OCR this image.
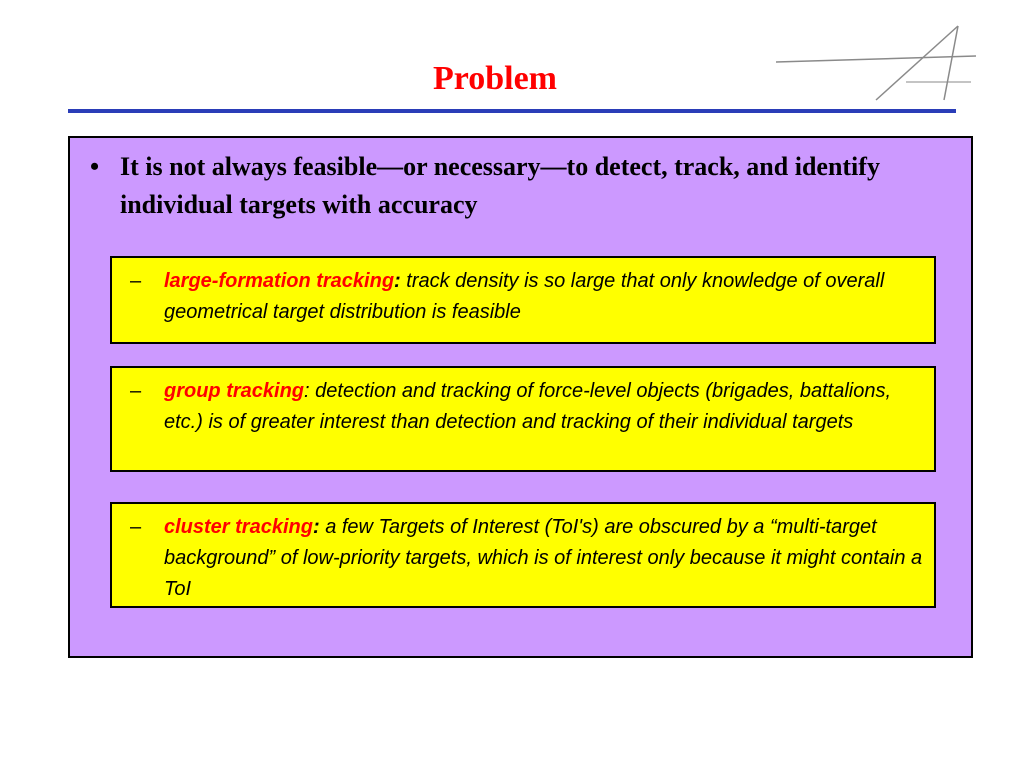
Problem
• It is not always feasible—or necessary—to detect, track, and identify individual targets with accuracy
– large-formation tracking: track density is so large that only knowledge of overall geometrical target distribution is feasible
– group tracking: detection and tracking of force-level objects (brigades, battalions, etc.) is of greater interest than detection and tracking of their individual targets
– cluster tracking: a few Targets of Interest (ToI's) are obscured by a “multi-target background” of low-priority targets, which is of interest only because it might contain a ToI
